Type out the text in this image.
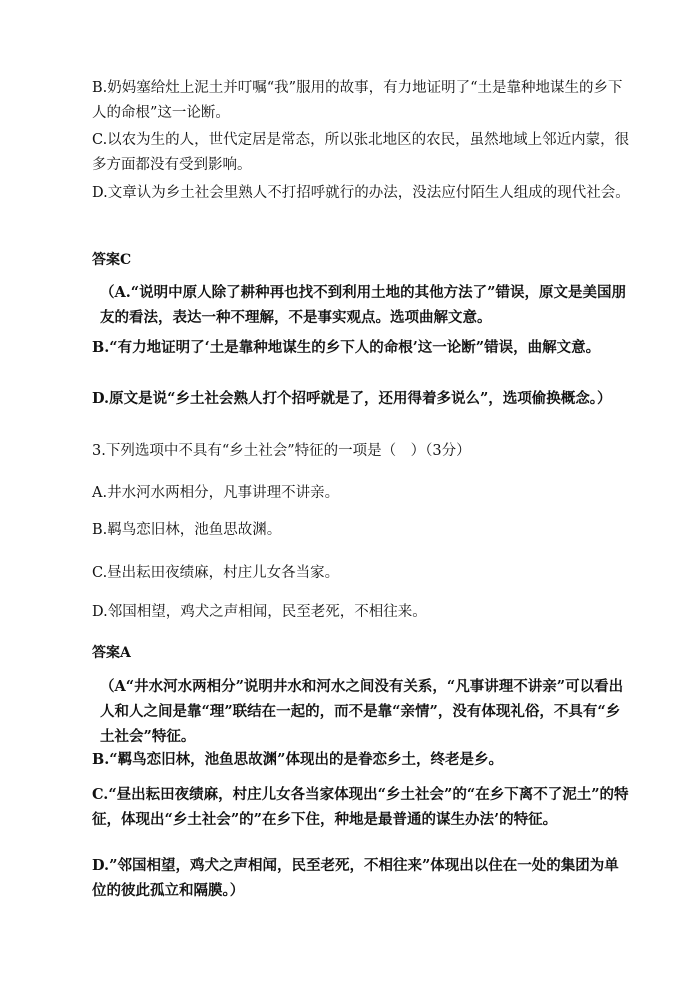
B.奶妈塞给灶上泥土并叮嘱“我”服用的故事，有力地证明了“土是靠种地谋生的乡下人的命根”这一论断。

C.以农为生的人，世代定居是常态，所以张北地区的农民，虽然地域上邻近内蒙，很多方面都没有受到影响。

D.文章认为乡土社会里熟人不打招呼就行的办法，没法应付陌生人组成的现代社会。

答案C

（A.“说明中原人除了耕种再也找不到利用土地的其他方法了”错误，原文是美国朋友的看法，表达一种不理解，不是事实观点。选项曲解文意。

B.“有力地证明了‘土是靠种地谋生的乡下人的命根’这一论断”错误，曲解文意。

D.原文是说“乡土社会熟人打个招呼就是了，还用得着多说么”，选项偷换概念。）

3.下列选项中不具有“乡土社会”特征的一项是（　）（3分）

A.井水河水两相分，凡事讲理不讲亲。

B.羁鸟恋旧林，池鱼思故渊。

C.昼出耘田夜绩麻，村庄儿女各当家。

D.邻国相望，鸡犬之声相闻，民至老死，不相往来。

答案A

（A“井水河水两相分”说明井水和河水之间没有关系，“凡事讲理不讲亲”可以看出人和人之间是靠“理”联结在一起的，而不是靠“亲情”，没有体现礼俗，不具有“乡土社会”特征。

B.“羁鸟恋旧林，池鱼思故渊”体现出的是眷恋乡土，终老是乡。

C.“昼出耘田夜绩麻，村庄儿女各当家体现出“乡土社会”的“在乡下离不了泥土”的特征，体现出“乡土社会”的”在乡下住，种地是最普通的谋生办法’的特征。

D.”邻国相望，鸡犬之声相闻，民至老死，不相往来”体现出以住在一处的集团为单位的彼此孤立和隔膜。）
